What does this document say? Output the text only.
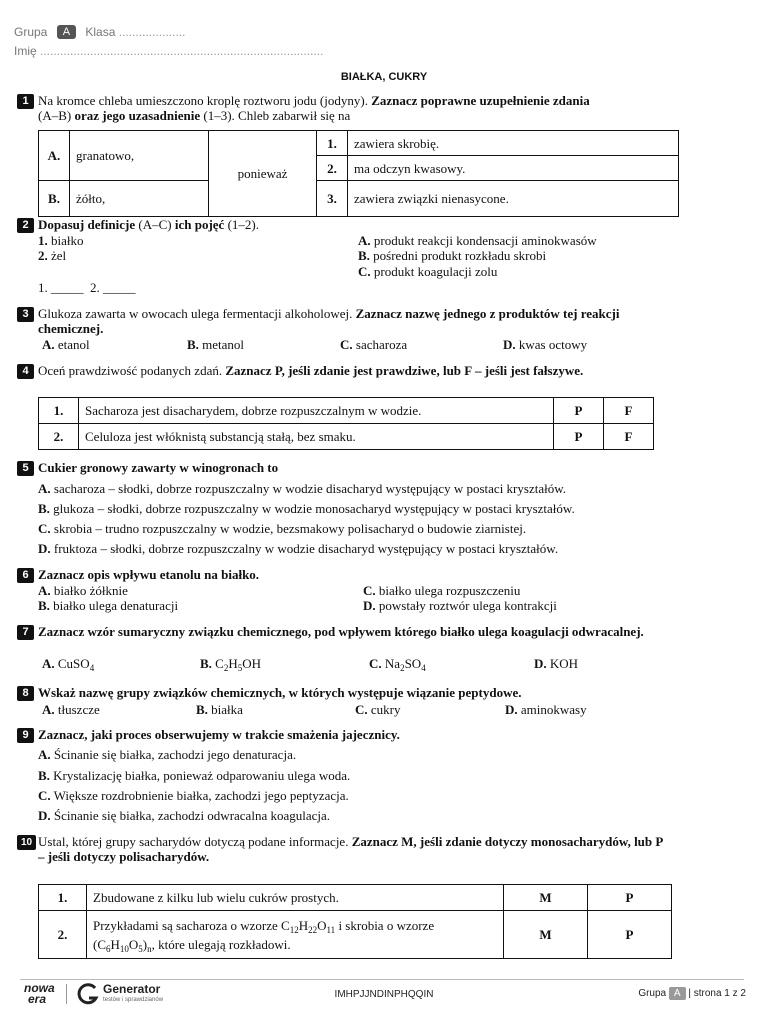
Grupa A Klasa ....................
Imię .....................................................................................
BIAŁKA, CUKRY
1 Na kromce chleba umieszczono kroplę roztworu jodu (jodyny). Zaznacz poprawne uzupełnienie zdania
(A–B) oraz jego uzasadnienie (1–3). Chleb zabarwił się na
A.	granatowo,	ponieważ	1.	zawiera skrobię.
			2.	ma odczyn kwasowy.
B.	żółto,		3.	zawiera związki nienasycone.
2 Dopasuj definicje (A–C) ich pojęć (1–2).
1. białko
2. żel
A. produkt reakcji kondensacji aminokwasów
B. pośredni produkt rozkładu skrobi
C. produkt koagulacji zolu
1. _____  2. _____
3 Glukoza zawarta w owocach ulega fermentacji alkoholowej. Zaznacz nazwę jednego z produktów tej reakcji chemicznej.
A. etanol	B. metanol	C. sacharoza	D. kwas octowy
4 Oceń prawdziwość podanych zdań. Zaznacz P, jeśli zdanie jest prawdziwe, lub F – jeśli jest fałszywe.
1.	Sacharoza jest disacharydem, dobrze rozpuszczalnym w wodzie.	P	F
2.	Celuloza jest włóknistą substancją stałą, bez smaku.	P	F
5 Cukier gronowy zawarty w winogronach to
A. sacharoza – słodki, dobrze rozpuszczalny w wodzie disacharyd występujący w postaci kryształów.
B. glukoza – słodki, dobrze rozpuszczalny w wodzie monosacharyd występujący w postaci kryształów.
C. skrobia – trudno rozpuszczalny w wodzie, bezsmakowy polisacharyd o budowie ziarnistej.
D. fruktoza – słodki, dobrze rozpuszczalny w wodzie disacharyd występujący w postaci kryształów.
6 Zaznacz opis wpływu etanolu na białko.
A. białko żółknie
B. białko ulega denaturacji
C. białko ulega rozpuszczeniu
D. powstały roztwór ulega kontrakcji
7 Zaznacz wzór sumaryczny związku chemicznego, pod wpływem którego białko ulega koagulacji odwracalnej.
A. CuSO$_4$	B. $C_2H_5OH$	C. $Na_2SO_4$	D. KOH
8 Wskaż nazwę grupy związków chemicznych, w których występuje wiązanie peptydowe.
A. tłuszcze	B. białka	C. cukry	D. aminokwasy
9 Zaznacz, jaki proces obserwujemy w trakcie smażenia jajecznicy.
A. Ścinanie się białka, zachodzi jego denaturacja.
B. Krystalizację białka, ponieważ odparowaniu ulega woda.
C. Większe rozdrobnienie białka, zachodzi jego peptyzacja.
D. Ścinanie się białka, zachodzi odwracalna koagulacja.
10 Ustal, której grupy sacharydów dotyczą podane informacje. Zaznacz M, jeśli zdanie dotyczy monosacharydów, lub P – jeśli dotyczy polisacharydów.
1.	Zbudowane z kilku lub wielu cukrów prostych.	M	P
2.	Przykładami są sacharoza o wzorze $C_{12}H_{22}O_{11}$ i skrobia o wzorze
$(C_6H_{10}O_5)_n$, które ulegają rozkładowi.	M	P
nowa
era
Generator
testów i sprawdzianów	IMHPJJNDINPHQQIN	Grupa A | strona 1 z 2
